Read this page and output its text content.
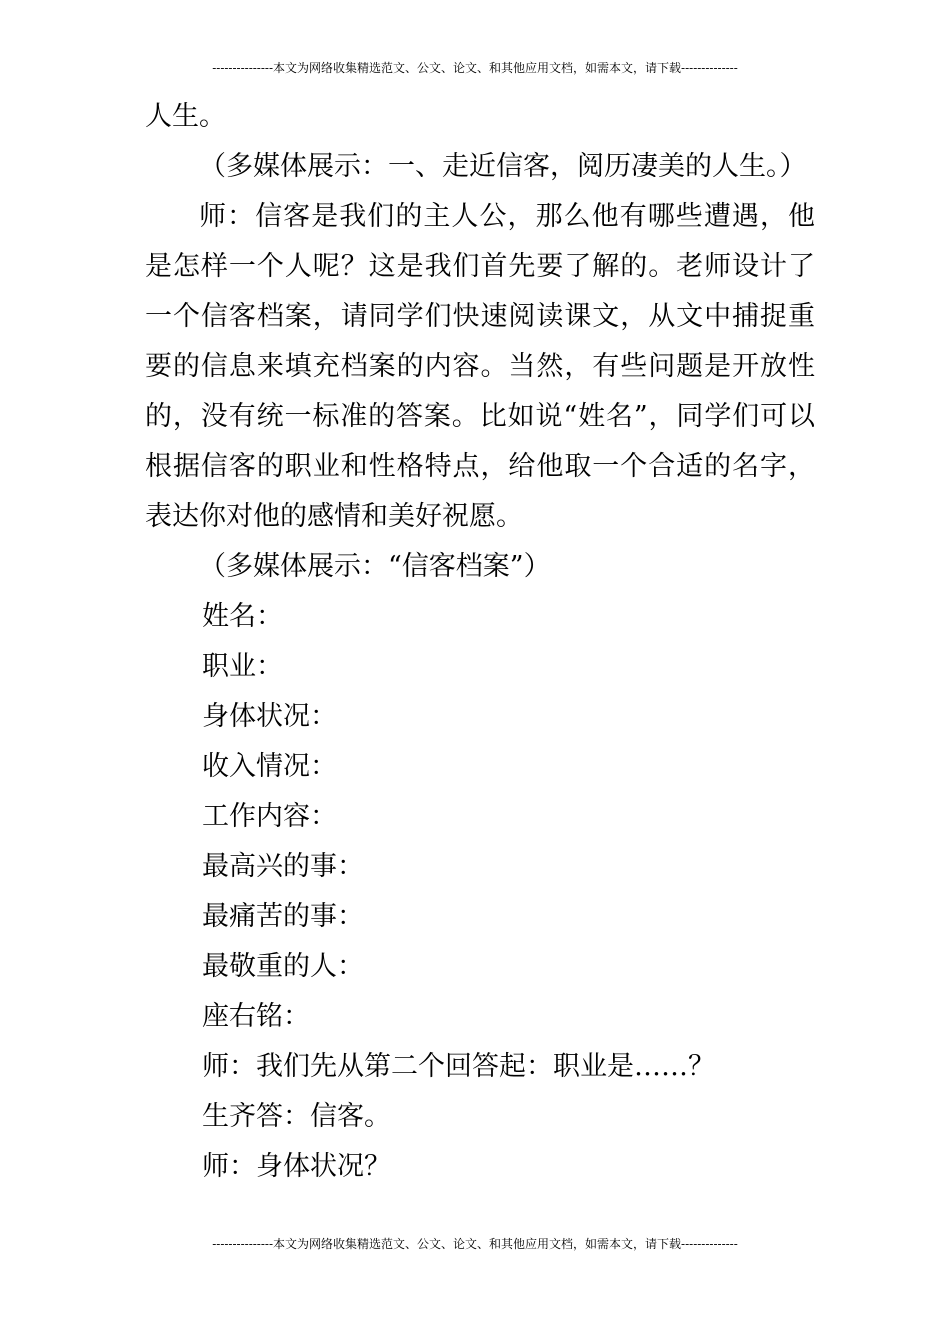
---------------本文为网络收集精选范文、公文、论文、和其他应用文档，如需本文，请下载--------------

人生。

（多媒体展示：一、走近信客，阅历凄美的人生。）

师：信客是我们的主人公，那么他有哪些遭遇，他是怎样一个人呢？这是我们首先要了解的。老师设计了一个信客档案，请同学们快速阅读课文，从文中捕捉重要的信息来填充档案的内容。当然，有些问题是开放性的，没有统一标准的答案。比如说“姓名”，同学们可以根据信客的职业和性格特点，给他取一个合适的名字，表达你对他的感情和美好祝愿。

（多媒体展示：“信客档案”）

姓名：

职业：

身体状况：

收入情况：

工作内容：

最高兴的事：

最痛苦的事：

最敬重的人：

座右铭：

师：我们先从第二个回答起：职业是……？

生齐答：信客。

师：身体状况？

---------------本文为网络收集精选范文、公文、论文、和其他应用文档，如需本文，请下载--------------
